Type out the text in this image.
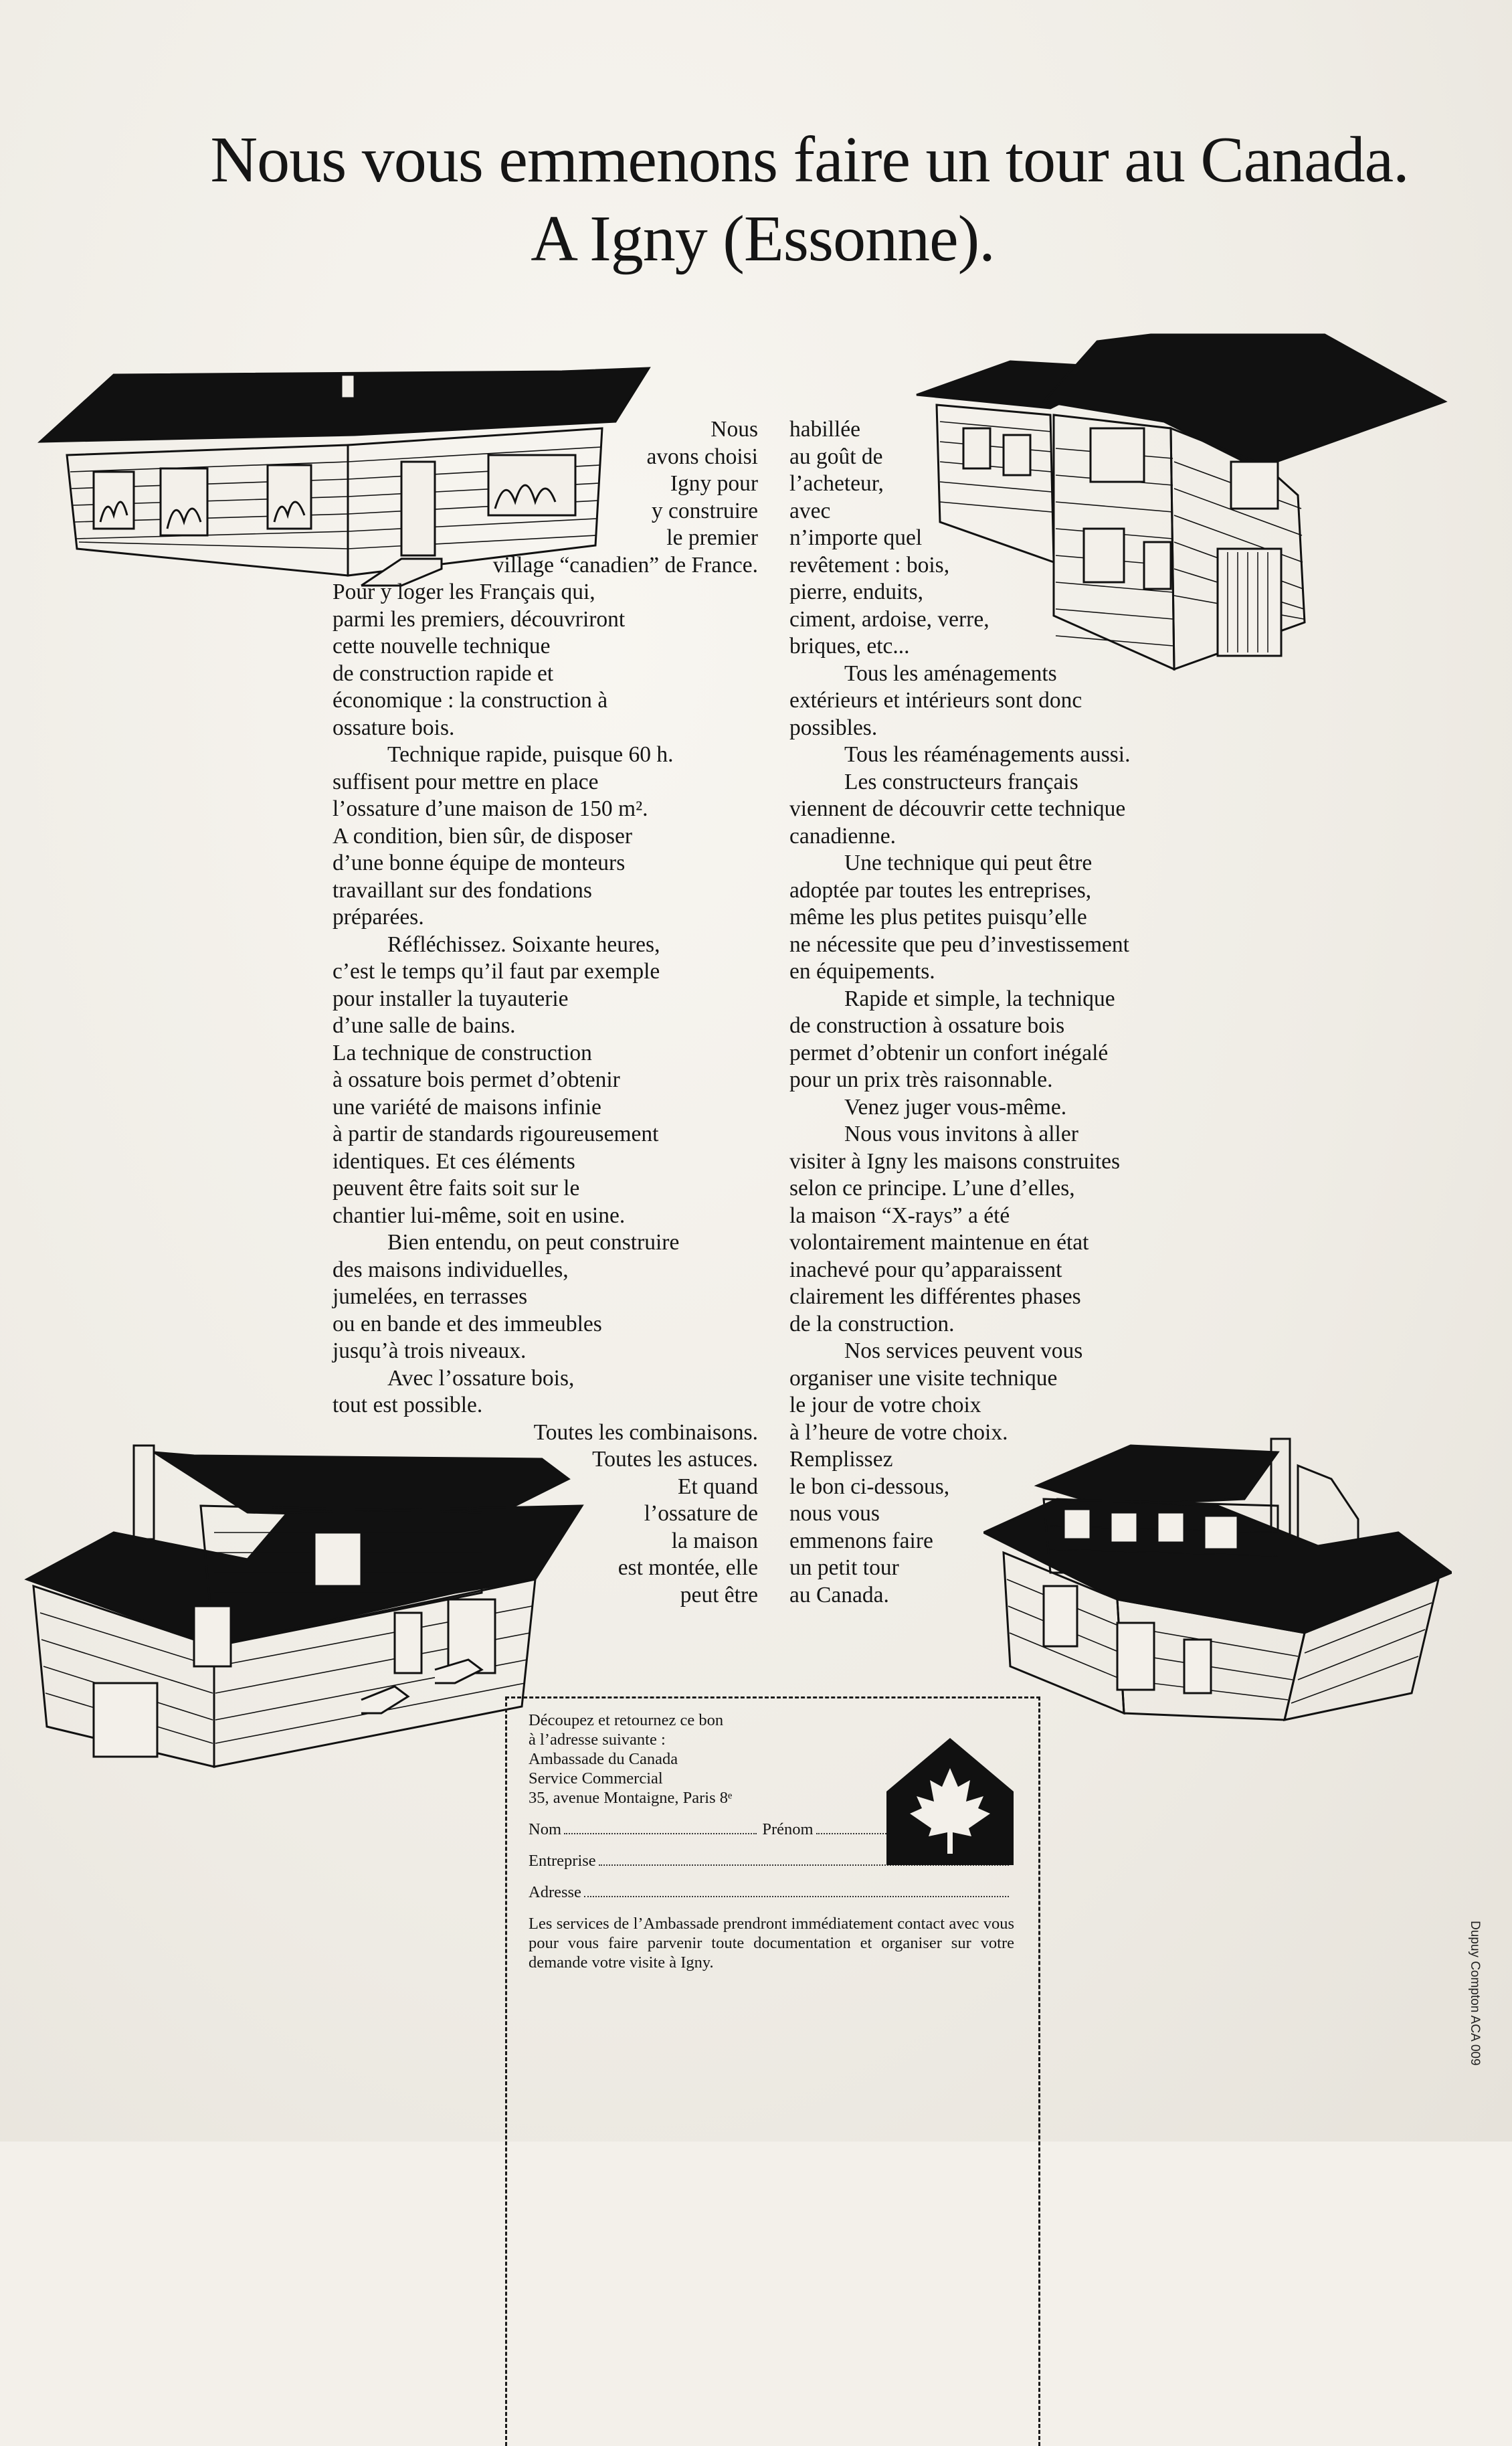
Nous vous emmenons faire un tour au Canada.
A Igny (Essonne).

Nous

avons choisi

Igny pour

y construire

le premier

village “canadien” de France.

Pour y loger les Français qui,

parmi les premiers, découvriront

cette nouvelle technique

de construction rapide et

économique : la construction à

ossature bois.

Technique rapide, puisque 60 h.

suffisent pour mettre en place

l’ossature d’une maison de 150 m².

A condition, bien sûr, de disposer

d’une bonne équipe de monteurs

travaillant sur des fondations

préparées.

Réfléchissez. Soixante heures,

c’est le temps qu’il faut par exemple

pour installer la tuyauterie

d’une salle de bains.

La technique de construction

à ossature bois permet d’obtenir

une variété de maisons infinie

à partir de standards rigoureusement

identiques. Et ces éléments

peuvent être faits soit sur le

chantier lui-même, soit en usine.

Bien entendu, on peut construire

des maisons individuelles,

jumelées, en terrasses

ou en bande et des immeubles

jusqu’à trois niveaux.

Avec l’ossature bois,

tout est possible.

Toutes les combinaisons.

Toutes les astuces.

Et quand

l’ossature de

la maison

est montée, elle

peut être

habillée

au goût de

l’acheteur,

avec

n’importe quel

revêtement : bois,

pierre, enduits,

ciment, ardoise, verre,

briques, etc...

Tous les aménagements

extérieurs et intérieurs sont donc

possibles.

Tous les réaménagements aussi.

Les constructeurs français

viennent de découvrir cette technique

canadienne.

Une technique qui peut être

adoptée par toutes les entreprises,

même les plus petites puisqu’elle

ne nécessite que peu d’investissement

en équipements.

Rapide et simple, la technique

de construction à ossature bois

permet d’obtenir un confort inégalé

pour un prix très raisonnable.

Venez juger vous-même.

Nous vous invitons à aller

visiter à Igny les maisons construites

selon ce principe. L’une d’elles,

la maison “X-rays” a été

volontairement maintenue en état

inachevé pour qu’apparaissent

clairement les différentes phases

de la construction.

Nos services peuvent vous

organiser une visite technique

le jour de votre choix

à l’heure de votre choix.

Remplissez

le bon ci-dessous,

nous vous

emmenons faire

un petit tour

au Canada.

Découpez et retournez ce bon

à l’adresse suivante :

Ambassade du Canada

Service Commercial

35, avenue Montaigne, Paris 8ᵉ

Nom	Prénom
Entreprise
Adresse

Les services de l’Ambassade prendront immédiatement contact avec vous pour vous faire parvenir toute documentation et organiser sur votre demande votre visite à Igny.	Dupuy Compton ACA 009
